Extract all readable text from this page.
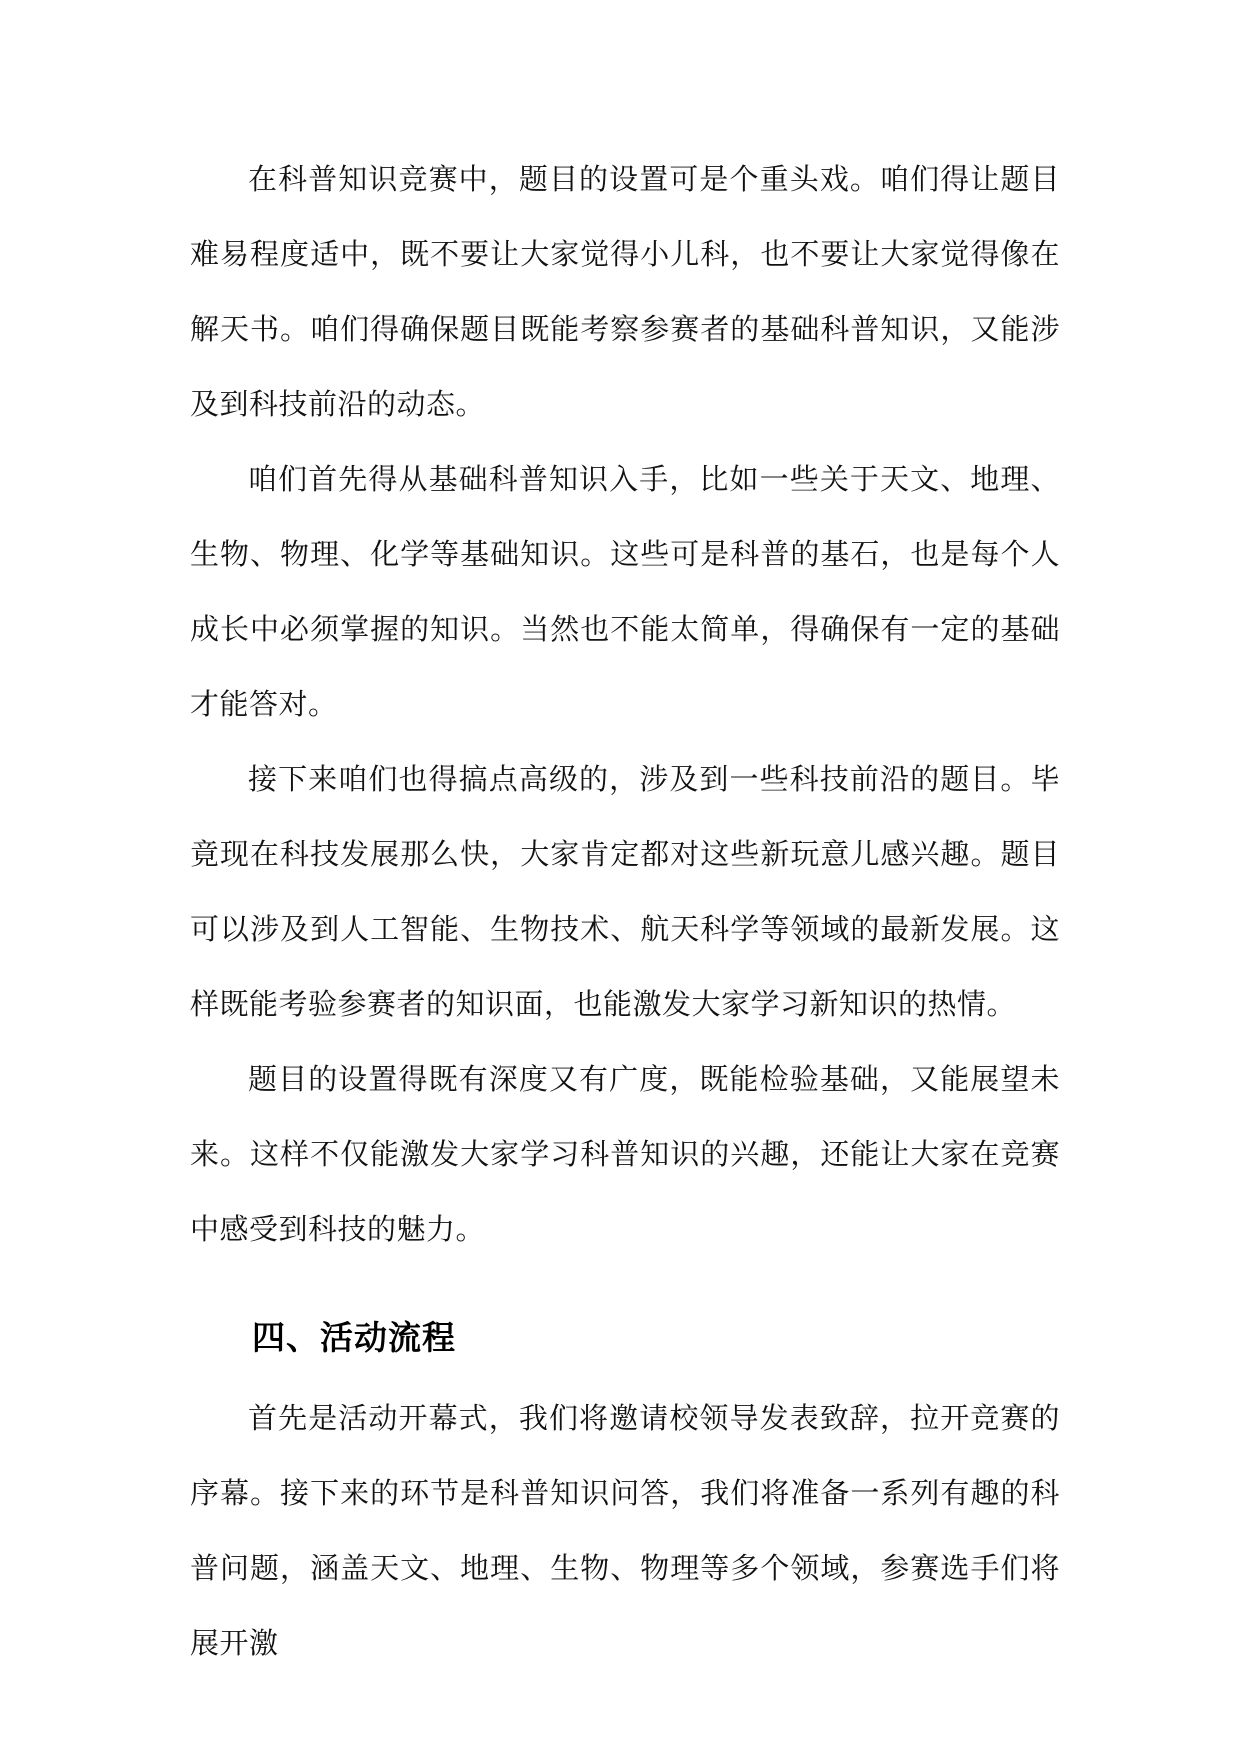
在科普知识竞赛中，题目的设置可是个重头戏。咱们得让题目难易程度适中，既不要让大家觉得小儿科，也不要让大家觉得像在解天书。咱们得确保题目既能考察参赛者的基础科普知识，又能涉及到科技前沿的动态。

咱们首先得从基础科普知识入手，比如一些关于天文、地理、生物、物理、化学等基础知识。这些可是科普的基石，也是每个人成长中必须掌握的知识。当然也不能太简单，得确保有一定的基础才能答对。

接下来咱们也得搞点高级的，涉及到一些科技前沿的题目。毕竟现在科技发展那么快，大家肯定都对这些新玩意儿感兴趣。题目可以涉及到人工智能、生物技术、航天科学等领域的最新发展。这样既能考验参赛者的知识面，也能激发大家学习新知识的热情。

题目的设置得既有深度又有广度，既能检验基础，又能展望未来。这样不仅能激发大家学习科普知识的兴趣，还能让大家在竞赛中感受到科技的魅力。

四、活动流程

首先是活动开幕式，我们将邀请校领导发表致辞，拉开竞赛的序幕。接下来的环节是科普知识问答，我们将准备一系列有趣的科普问题，涵盖天文、地理、生物、物理等多个领域，参赛选手们将展开激
